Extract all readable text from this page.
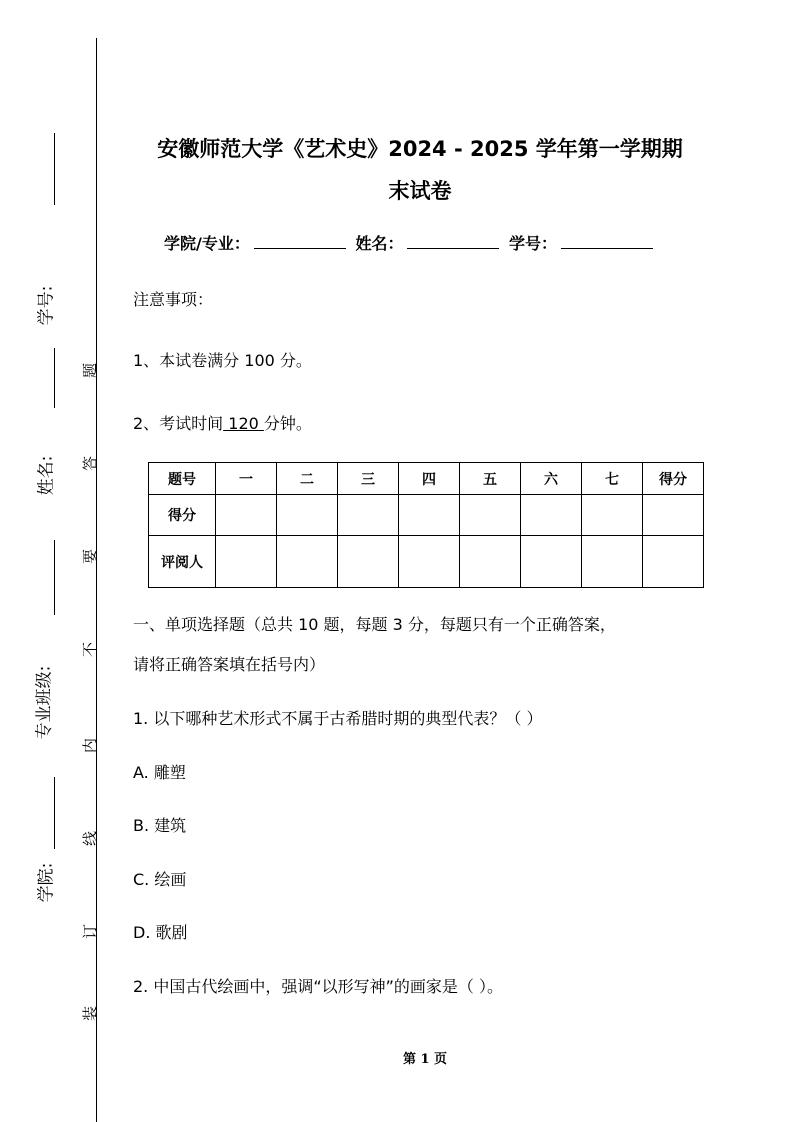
学号:
姓名:
专业班级:
学院:
题
答
要
不
内
线
订
装
安徽师范大学《艺术史》2024 - 2025 学年第一学期期
末试卷
学院/专业：	姓名：	学号：
注意事项：
1、本试卷满分 100 分。
2、考试时间 120 分钟。
题号	一	二	三	四	五	六	七	得分
得分								
评阅人								
一、单项选择题（总共 10 题，每题 3 分，每题只有一个正确答案，
请将正确答案填在括号内）
1. 以下哪种艺术形式不属于古希腊时期的典型代表？（ ）
A. 雕塑
B. 建筑
C. 绘画
D. 歌剧
2. 中国古代绘画中，强调“以形写神”的画家是（ ）。
第 1 页
